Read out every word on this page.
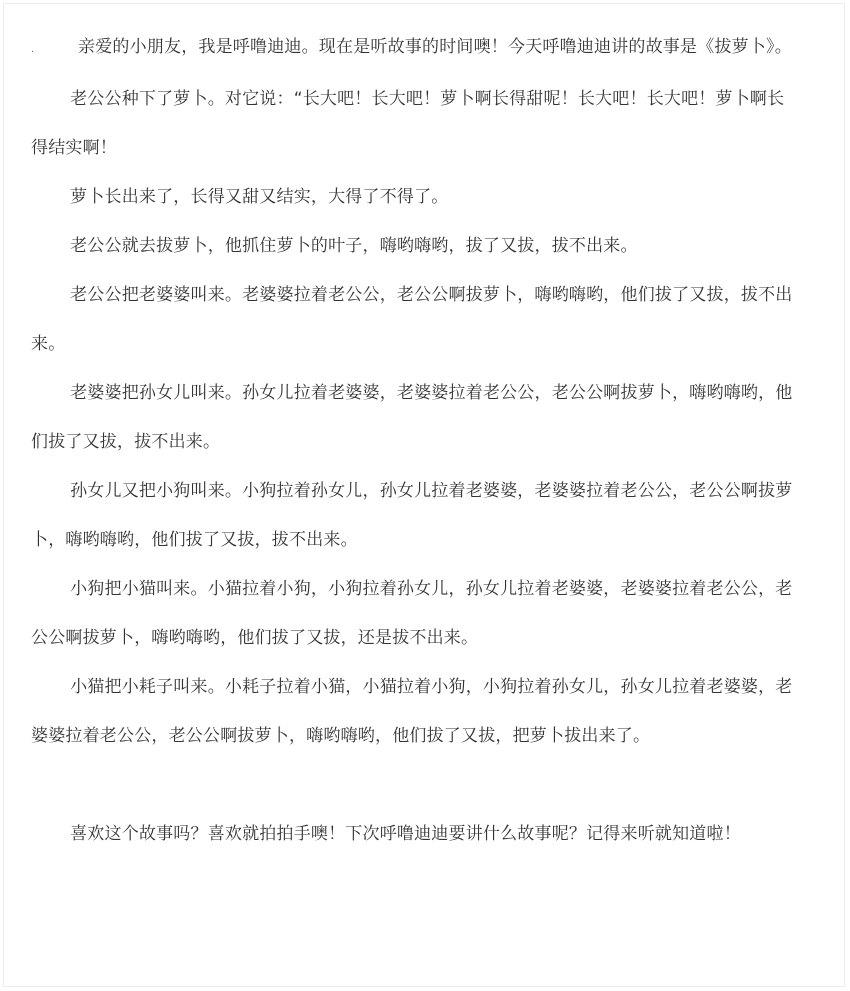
.	亲爱的小朋友，我是呼噜迪迪。现在是听故事的时间噢！今天呼噜迪迪讲的故事是《拔萝卜》。

老公公种下了萝卜。对它说：“长大吧！长大吧！萝卜啊长得甜呢！长大吧！长大吧！萝卜啊长得结实啊！

萝卜长出来了，长得又甜又结实，大得了不得了。

老公公就去拔萝卜，他抓住萝卜的叶子，嗨哟嗨哟，拔了又拔，拔不出来。

老公公把老婆婆叫来。老婆婆拉着老公公，老公公啊拔萝卜，嗨哟嗨哟，他们拔了又拔，拔不出来。

老婆婆把孙女儿叫来。孙女儿拉着老婆婆，老婆婆拉着老公公，老公公啊拔萝卜，嗨哟嗨哟，他们拔了又拔，拔不出来。

孙女儿又把小狗叫来。小狗拉着孙女儿，孙女儿拉着老婆婆，老婆婆拉着老公公，老公公啊拔萝卜，嗨哟嗨哟，他们拔了又拔，拔不出来。

小狗把小猫叫来。小猫拉着小狗，小狗拉着孙女儿，孙女儿拉着老婆婆，老婆婆拉着老公公，老公公啊拔萝卜，嗨哟嗨哟，他们拔了又拔，还是拔不出来。

小猫把小耗子叫来。小耗子拉着小猫，小猫拉着小狗，小狗拉着孙女儿，孙女儿拉着老婆婆，老婆婆拉着老公公，老公公啊拔萝卜，嗨哟嗨哟，他们拔了又拔，把萝卜拔出来了。

喜欢这个故事吗？喜欢就拍拍手噢！下次呼噜迪迪要讲什么故事呢？记得来听就知道啦！
